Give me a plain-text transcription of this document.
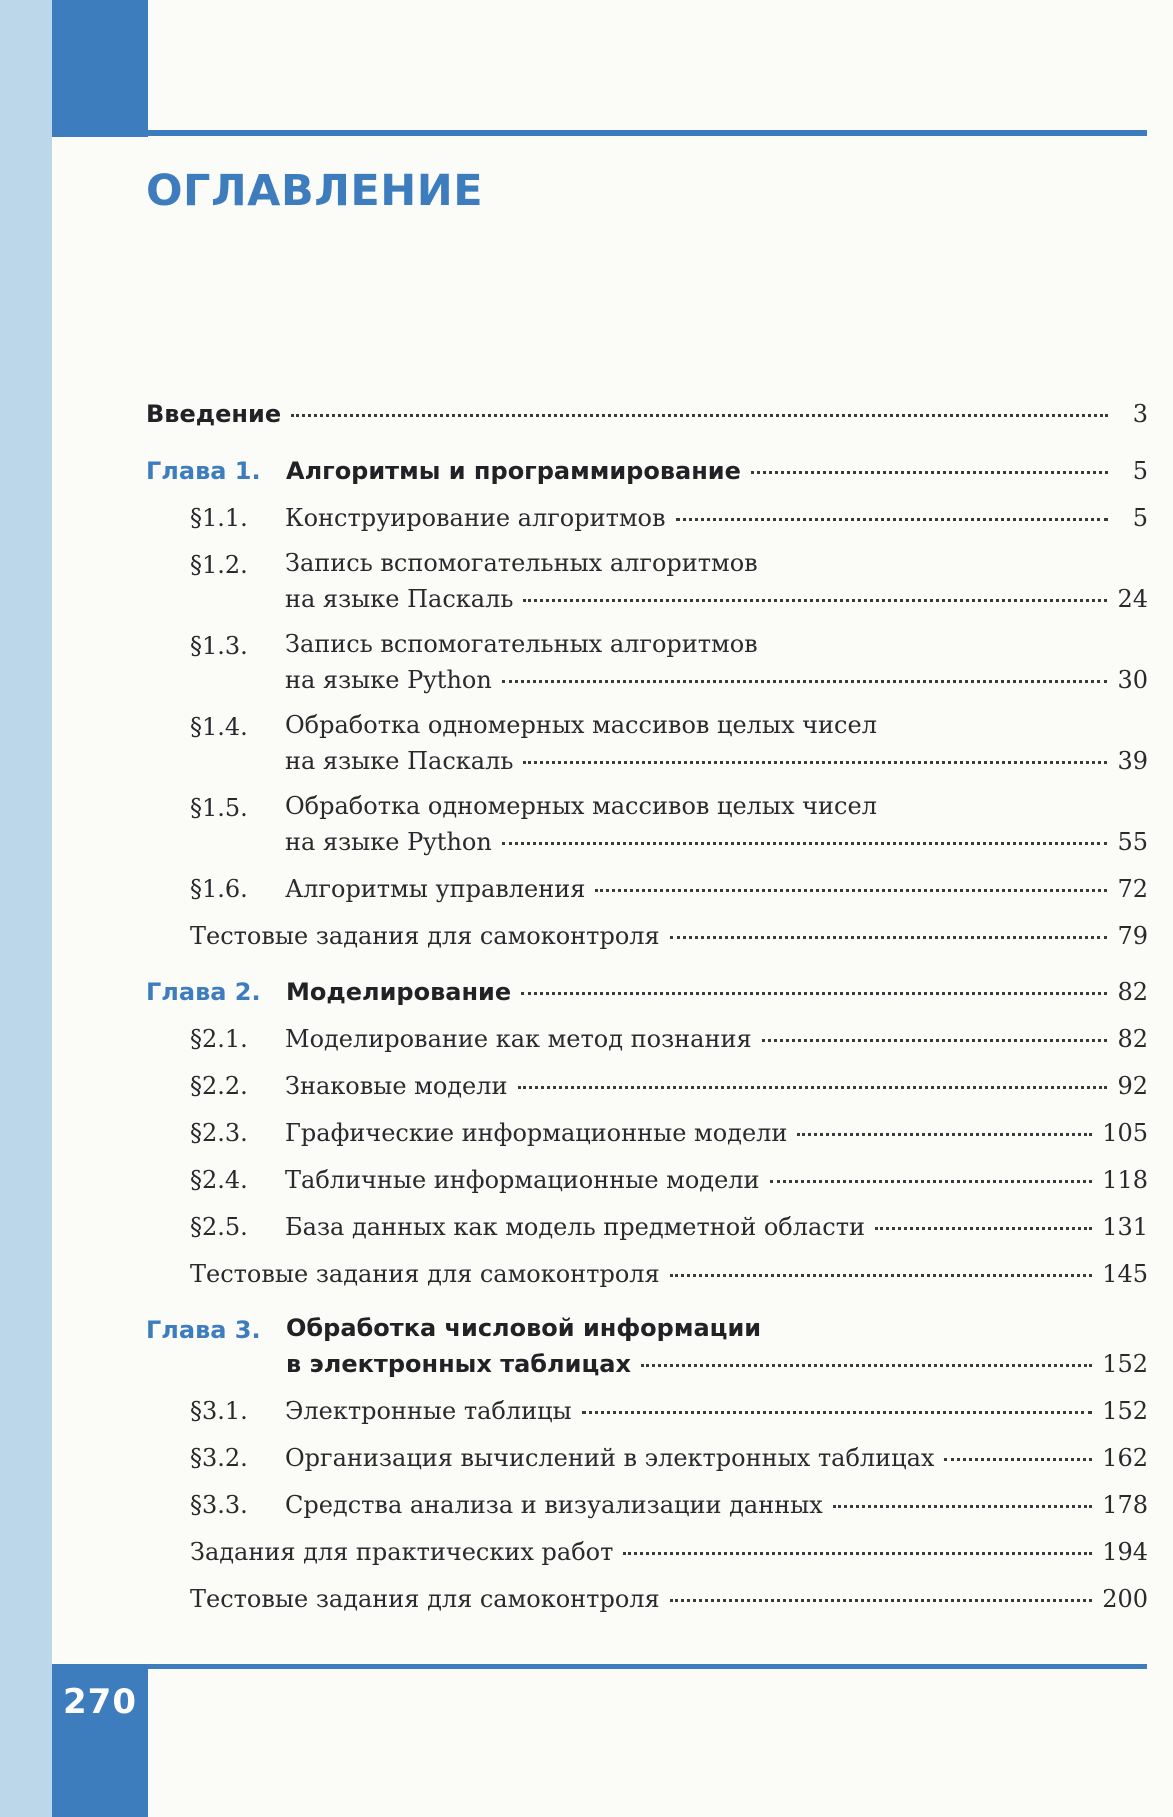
270
ОГЛАВЛЕНИЕ
Введение	3
Глава 1.	Алгоритмы и программирование	5
§1.1.	Конструирование алгоритмов	5
§1.2.	Запись вспомогательных алгоритмов
на языке Паскаль	24
§1.3.	Запись вспомогательных алгоритмов
на языке Python	30
§1.4.	Обработка одномерных массивов целых чисел
на языке Паскаль	39
§1.5.	Обработка одномерных массивов целых чисел
на языке Python	55
§1.6.	Алгоритмы управления	72
Тестовые задания для самоконтроля	79
Глава 2.	Моделирование	82
§2.1.	Моделирование как метод познания	82
§2.2.	Знаковые модели	92
§2.3.	Графические информационные модели	105
§2.4.	Табличные информационные модели	118
§2.5.	База данных как модель предметной области	131
Тестовые задания для самоконтроля	145
Глава 3.	Обработка числовой информации
в электронных таблицах	152
§3.1.	Электронные таблицы	152
§3.2.	Организация вычислений в электронных таблицах	162
§3.3.	Средства анализа и визуализации данных	178
Задания для практических работ	194
Тестовые задания для самоконтроля	200
